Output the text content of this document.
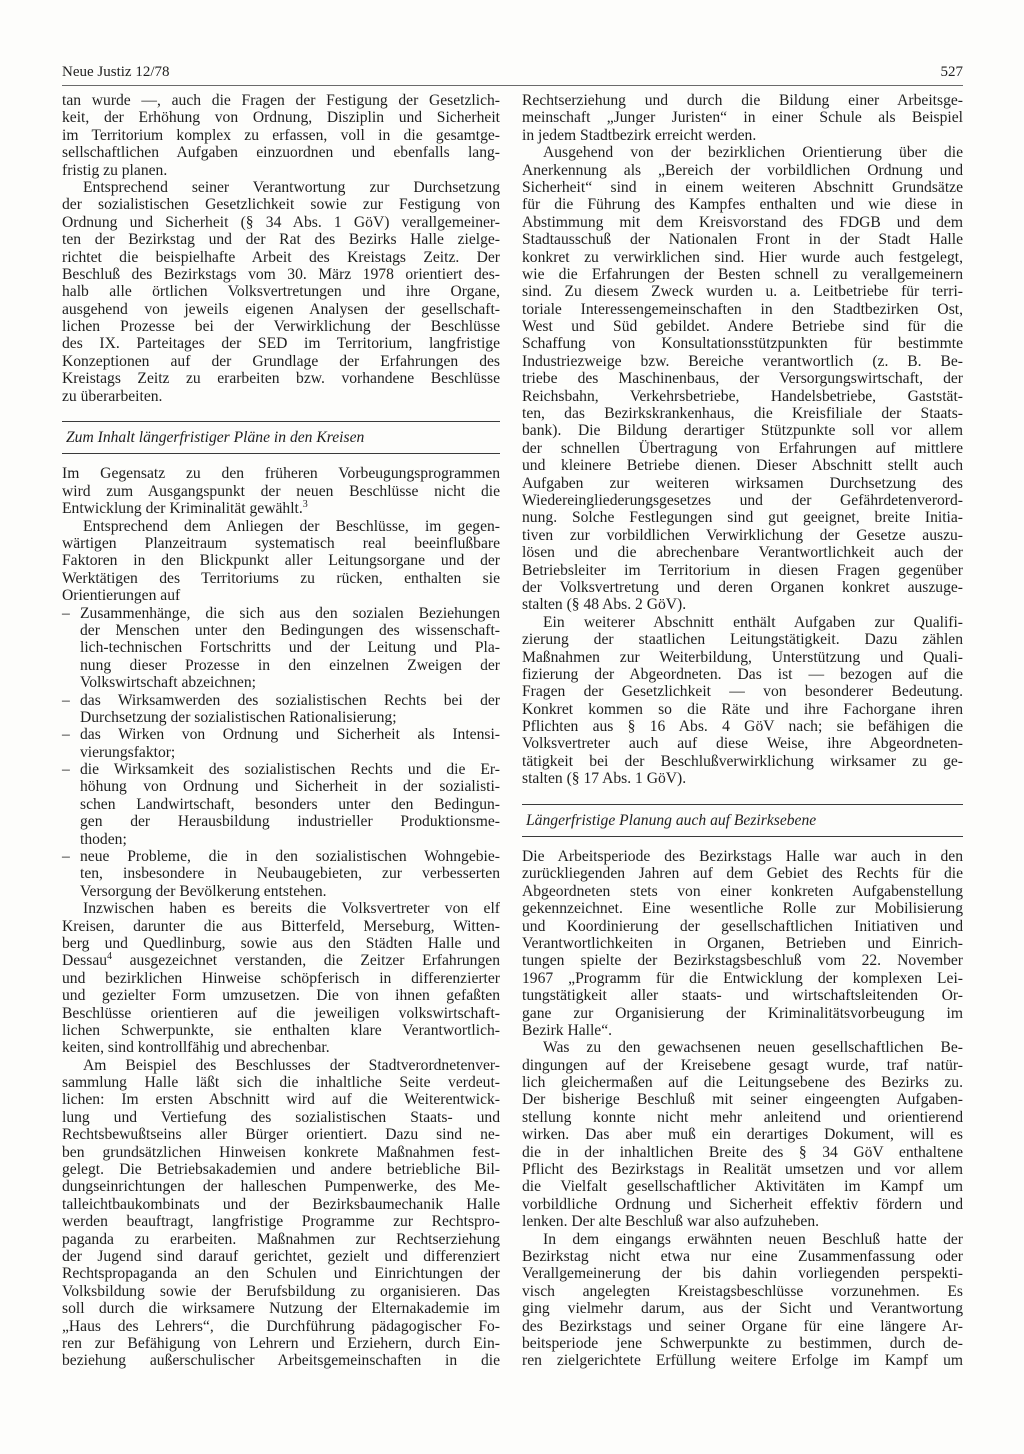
Neue Justiz 12/78	527
tan wurde —, auch die Fragen der Festigung der Gesetzlich-
keit, der Erhöhung von Ordnung, Disziplin und Sicherheit
im Territorium komplex zu erfassen, voll in die gesamtge-
sellschaftlichen Aufgaben einzuordnen und ebenfalls lang-
fristig zu planen.
Entsprechend seiner Verantwortung zur Durchsetzung
der sozialistischen Gesetzlichkeit sowie zur Festigung von
Ordnung und Sicherheit (§ 34 Abs. 1 GöV) verallgemeiner-
ten der Bezirkstag und der Rat des Bezirks Halle zielge-
richtet die beispielhafte Arbeit des Kreistags Zeitz. Der
Beschluß des Bezirkstags vom 30. März 1978 orientiert des-
halb alle örtlichen Volksvertretungen und ihre Organe,
ausgehend von jeweils eigenen Analysen der gesellschaft-
lichen Prozesse bei der Verwirklichung der Beschlüsse
des IX. Parteitages der SED im Territorium, langfristige
Konzeptionen auf der Grundlage der Erfahrungen des
Kreistags Zeitz zu erarbeiten bzw. vorhandene Beschlüsse
zu überarbeiten.
Zum Inhalt längerfristiger Pläne in den Kreisen
Im Gegensatz zu den früheren Vorbeugungsprogrammen
wird zum Ausgangspunkt der neuen Beschlüsse nicht die
Entwicklung der Kriminalität gewählt.$^3$
Entsprechend dem Anliegen der Beschlüsse, im gegen-
wärtigen Planzeitraum systematisch real beeinflußbare
Faktoren in den Blickpunkt aller Leitungsorgane und der
Werktätigen des Territoriums zu rücken, enthalten sie
Orientierungen auf
Zusammenhänge, die sich aus den sozialen Beziehungen
–
der Menschen unter den Bedingungen des wissenschaft-
lich-technischen Fortschritts und der Leitung und Pla-
nung dieser Prozesse in den einzelnen Zweigen der
Volkswirtschaft abzeichnen;
das Wirksamwerden des sozialistischen Rechts bei der
–
Durchsetzung der sozialistischen Rationalisierung;
das Wirken von Ordnung und Sicherheit als Intensi-
–
vierungsfaktor;
die Wirksamkeit des sozialistischen Rechts und die Er-
–
höhung von Ordnung und Sicherheit in der sozialisti-
schen Landwirtschaft, besonders unter den Bedingun-
gen der Herausbildung industrieller Produktionsme-
thoden;
neue Probleme, die in den sozialistischen Wohngebie-
–
ten, insbesondere in Neubaugebieten, zur verbesserten
Versorgung der Bevölkerung entstehen.
Inzwischen haben es bereits die Volksvertreter von elf
Kreisen, darunter die aus Bitterfeld, Merseburg, Witten-
berg und Quedlinburg, sowie aus den Städten Halle und
Dessau$^4$ ausgezeichnet verstanden, die Zeitzer Erfahrungen
und bezirklichen Hinweise schöpferisch in differenzierter
und gezielter Form umzusetzen. Die von ihnen gefaßten
Beschlüsse orientieren auf die jeweiligen volkswirtschaft-
lichen Schwerpunkte, sie enthalten klare Verantwortlich-
keiten, sind kontrollfähig und abrechenbar.
Am Beispiel des Beschlusses der Stadtverordnetenver-
sammlung Halle läßt sich die inhaltliche Seite verdeut-
lichen: Im ersten Abschnitt wird auf die Weiterentwick-
lung und Vertiefung des sozialistischen Staats- und
Rechtsbewußtseins aller Bürger orientiert. Dazu sind ne-
ben grundsätzlichen Hinweisen konkrete Maßnahmen fest-
gelegt. Die Betriebsakademien und andere betriebliche Bil-
dungseinrichtungen der halleschen Pumpenwerke, des Me-
talleichtbaukombinats und der Bezirksbaumechanik Halle
werden beauftragt, langfristige Programme zur Rechtspro-
paganda zu erarbeiten. Maßnahmen zur Rechtserziehung
der Jugend sind darauf gerichtet, gezielt und differenziert
Rechtspropaganda an den Schulen und Einrichtungen der
Volksbildung sowie der Berufsbildung zu organisieren. Das
soll durch die wirksamere Nutzung der Elternakademie im
„Haus des Lehrers“, die Durchführung pädagogischer Fo-
ren zur Befähigung von Lehrern und Erziehern, durch Ein-
beziehung außerschulischer Arbeitsgemeinschaften in die
Rechtserziehung und durch die Bildung einer Arbeitsge-
meinschaft „Junger Juristen“ in einer Schule als Beispiel
in jedem Stadtbezirk erreicht werden.
Ausgehend von der bezirklichen Orientierung über die
Anerkennung als „Bereich der vorbildlichen Ordnung und
Sicherheit“ sind in einem weiteren Abschnitt Grundsätze
für die Führung des Kampfes enthalten und wie diese in
Abstimmung mit dem Kreisvorstand des FDGB und dem
Stadtausschuß der Nationalen Front in der Stadt Halle
konkret zu verwirklichen sind. Hier wurde auch festgelegt,
wie die Erfahrungen der Besten schnell zu verallgemeinern
sind. Zu diesem Zweck wurden u. a. Leitbetriebe für terri-
toriale Interessengemeinschaften in den Stadtbezirken Ost,
West und Süd gebildet. Andere Betriebe sind für die
Schaffung von Konsultationsstützpunkten für bestimmte
Industriezweige bzw. Bereiche verantwortlich (z. B. Be-
triebe des Maschinenbaus, der Versorgungswirtschaft, der
Reichsbahn, Verkehrsbetriebe, Handelsbetriebe, Gaststät-
ten, das Bezirkskrankenhaus, die Kreisfiliale der Staats-
bank). Die Bildung derartiger Stützpunkte soll vor allem
der schnellen Übertragung von Erfahrungen auf mittlere
und kleinere Betriebe dienen. Dieser Abschnitt stellt auch
Aufgaben zur weiteren wirksamen Durchsetzung des
Wiedereingliederungsgesetzes und der Gefährdetenverord-
nung. Solche Festlegungen sind gut geeignet, breite Initia-
tiven zur vorbildlichen Verwirklichung der Gesetze auszu-
lösen und die abrechenbare Verantwortlichkeit auch der
Betriebsleiter im Territorium in diesen Fragen gegenüber
der Volksvertretung und deren Organen konkret auszuge-
stalten (§ 48 Abs. 2 GöV).
Ein weiterer Abschnitt enthält Aufgaben zur Qualifi-
zierung der staatlichen Leitungstätigkeit. Dazu zählen
Maßnahmen zur Weiterbildung, Unterstützung und Quali-
fizierung der Abgeordneten. Das ist — bezogen auf die
Fragen der Gesetzlichkeit — von besonderer Bedeutung.
Konkret kommen so die Räte und ihre Fachorgane ihren
Pflichten aus § 16 Abs. 4 GöV nach; sie befähigen die
Volksvertreter auch auf diese Weise, ihre Abgeordneten-
tätigkeit bei der Beschlußverwirklichung wirksamer zu ge-
stalten (§ 17 Abs. 1 GöV).
Längerfristige Planung auch auf Bezirksebene
Die Arbeitsperiode des Bezirkstags Halle war auch in den
zurückliegenden Jahren auf dem Gebiet des Rechts für die
Abgeordneten stets von einer konkreten Aufgabenstellung
gekennzeichnet. Eine wesentliche Rolle zur Mobilisierung
und Koordinierung der gesellschaftlichen Initiativen und
Verantwortlichkeiten in Organen, Betrieben und Einrich-
tungen spielte der Bezirkstagsbeschluß vom 22. November
1967 „Programm für die Entwicklung der komplexen Lei-
tungstätigkeit aller staats- und wirtschaftsleitenden Or-
gane zur Organisierung der Kriminalitätsvorbeugung im
Bezirk Halle“.
Was zu den gewachsenen neuen gesellschaftlichen Be-
dingungen auf der Kreisebene gesagt wurde, traf natür-
lich gleichermaßen auf die Leitungsebene des Bezirks zu.
Der bisherige Beschluß mit seiner eingeengten Aufgaben-
stellung konnte nicht mehr anleitend und orientierend
wirken. Das aber muß ein derartiges Dokument, will es
die in der inhaltlichen Breite des § 34 GöV enthaltene
Pflicht des Bezirkstags in Realität umsetzen und vor allem
die Vielfalt gesellschaftlicher Aktivitäten im Kampf um
vorbildliche Ordnung und Sicherheit effektiv fördern und
lenken. Der alte Beschluß war also aufzuheben.
In dem eingangs erwähnten neuen Beschluß hatte der
Bezirkstag nicht etwa nur eine Zusammenfassung oder
Verallgemeinerung der bis dahin vorliegenden perspekti-
visch angelegten Kreistagsbeschlüsse vorzunehmen. Es
ging vielmehr darum, aus der Sicht und Verantwortung
des Bezirkstags und seiner Organe für eine längere Ar-
beitsperiode jene Schwerpunkte zu bestimmen, durch de-
ren zielgerichtete Erfüllung weitere Erfolge im Kampf um
